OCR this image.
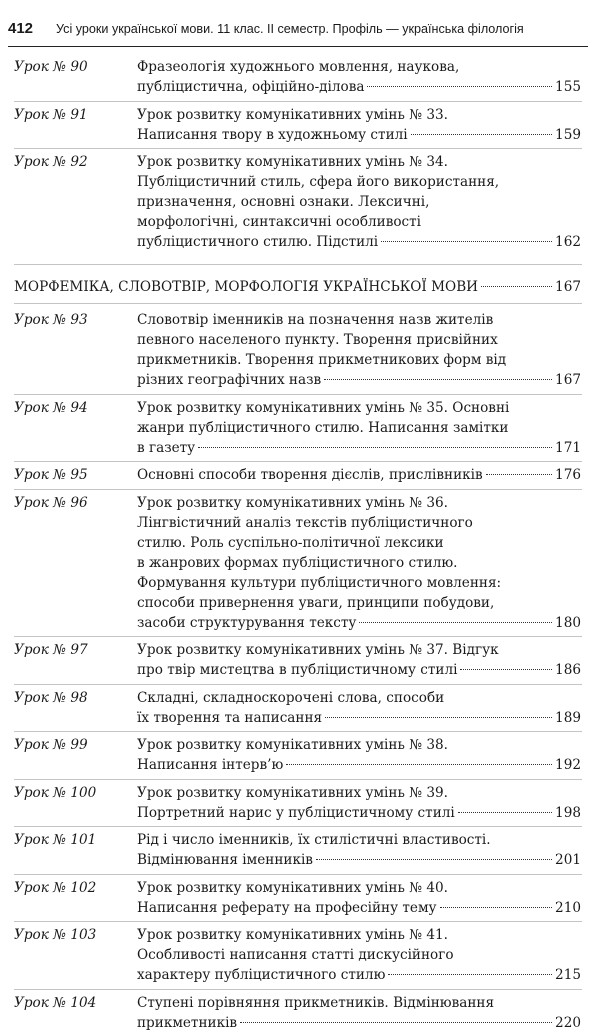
412 Усі уроки української мови. 11 клас. ІІ семестр. Профіль — українська філологія
Урок № 90	Фразеологія художнього мовлення, наукова,
публіцистична, офіційно-ділова	155
Урок № 91	Урок розвитку комунікативних умінь № 33.
Написання твору в художньому стилі	159
Урок № 92	Урок розвитку комунікативних умінь № 34.
Публіцистичний стиль, сфера його використання,
призначення, основні ознаки. Лексичні,
морфологічні, синтаксичні особливості
публіцистичного стилю. Підстилі	162
МОРФЕМІКА, СЛОВОТВІР, МОРФОЛОГІЯ УКРАЇНСЬКОЇ МОВИ	167
Урок № 93	Словотвір іменників на позначення назв жителів
певного населеного пункту. Творення присвійних
прикметників. Творення прикметникових форм від
різних географічних назв	167
Урок № 94	Урок розвитку комунікативних умінь № 35. Основні
жанри публіцистичного стилю. Написання замітки
в газету	171
Урок № 95	Основні способи творення дієслів, прислівників	176
Урок № 96	Урок розвитку комунікативних умінь № 36.
Лінгвістичний аналіз текстів публіцистичного
стилю. Роль суспільно-політичної лексики
в жанрових формах публіцистичного стилю.
Формування культури публіцистичного мовлення:
способи привернення уваги, принципи побудови,
засоби структурування тексту	180
Урок № 97	Урок розвитку комунікативних умінь № 37. Відгук
про твір мистецтва в публіцистичному стилі	186
Урок № 98	Складні, складноскорочені слова, способи
їх творення та написання	189
Урок № 99	Урок розвитку комунікативних умінь № 38.
Написання інтерв’ю	192
Урок № 100	Урок розвитку комунікативних умінь № 39.
Портретний нарис у публіцистичному стилі	198
Урок № 101	Рід і число іменників, їх стилістичні властивості.
Відмінювання іменників	201
Урок № 102	Урок розвитку комунікативних умінь № 40.
Написання реферату на професійну тему	210
Урок № 103	Урок розвитку комунікативних умінь № 41.
Особливості написання статті дискусійного
характеру публіцистичного стилю	215
Урок № 104	Ступені порівняння прикметників. Відмінювання
прикметників	220
